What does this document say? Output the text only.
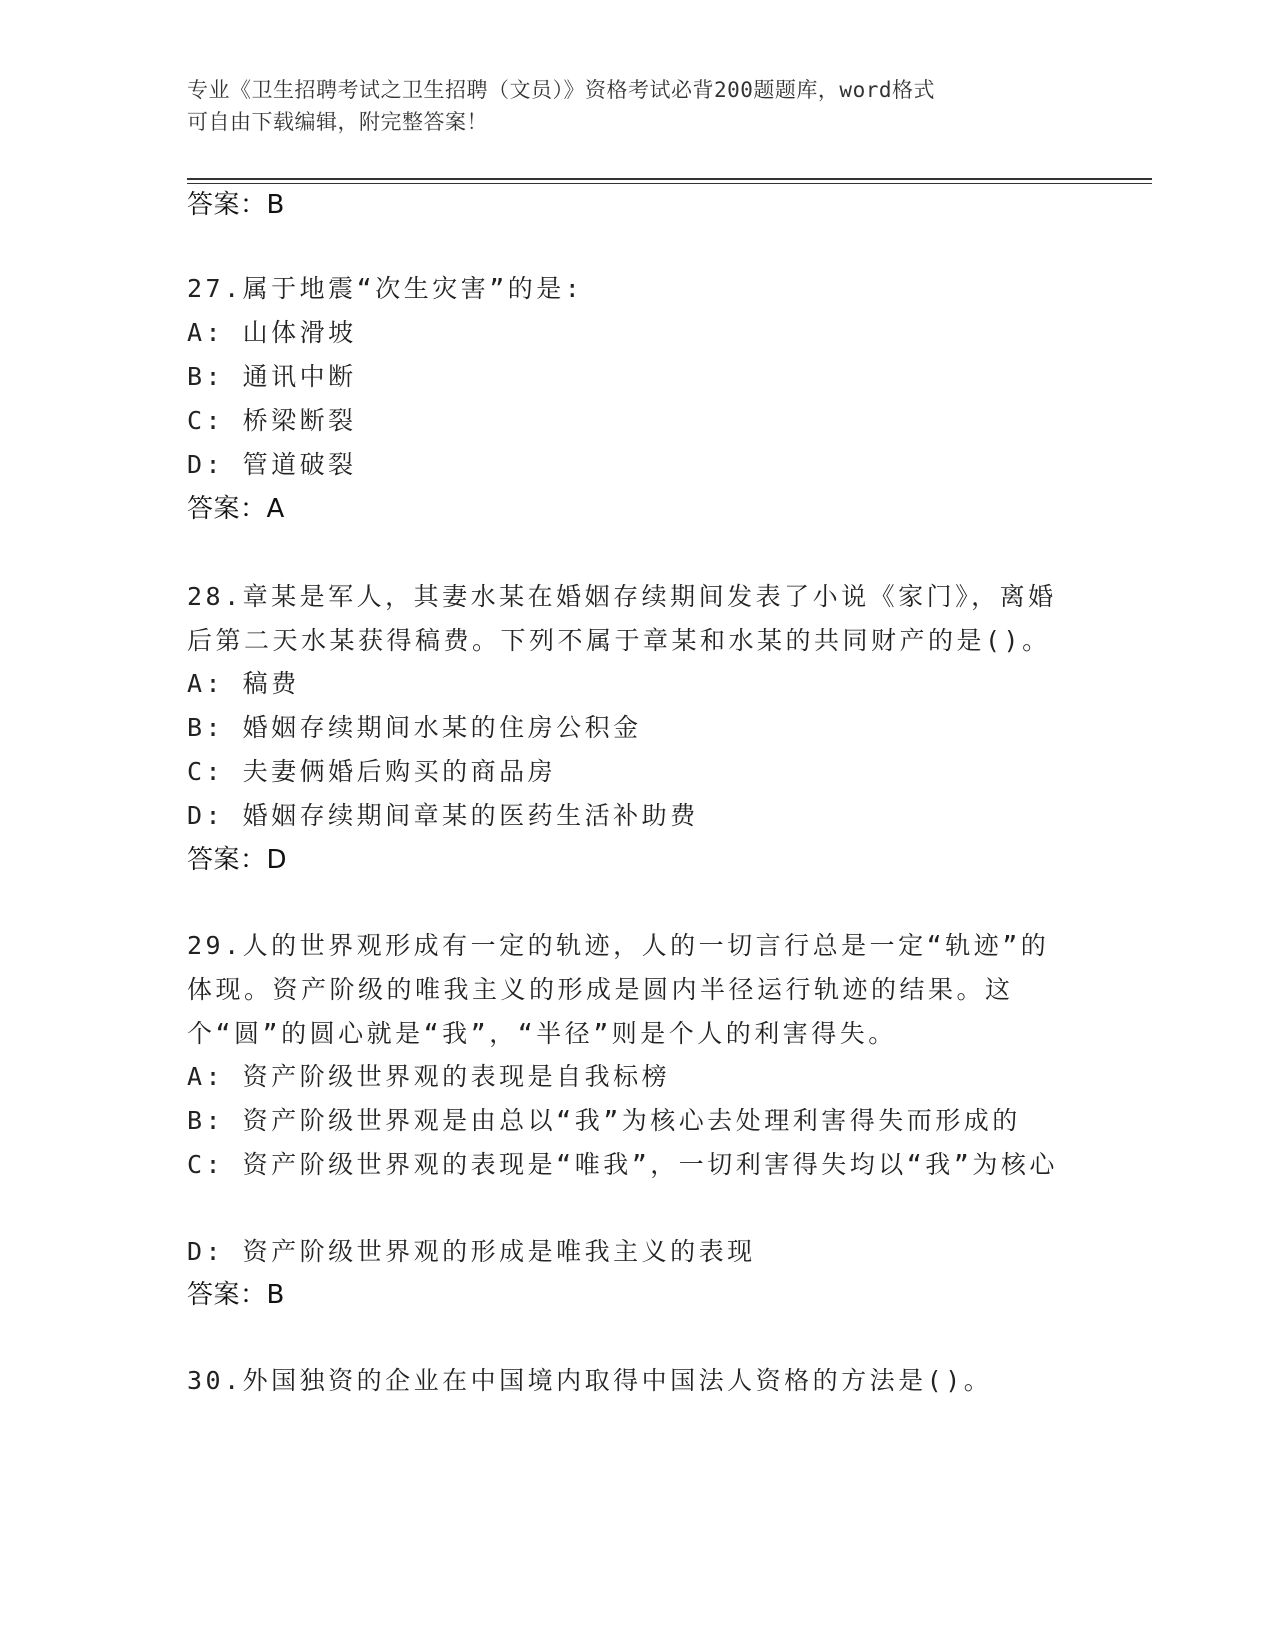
专业《卫生招聘考试之卫生招聘（文员）》资格考试必背200题题库，word格式
可自由下载编辑，附完整答案！
答案：B
27.属于地震“次生灾害”的是:
A: 山体滑坡
B: 通讯中断
C: 桥梁断裂
D: 管道破裂
答案：A
28.章某是军人，其妻水某在婚姻存续期间发表了小说《家门》，离婚后第二天水某获得稿费。下列不属于章某和水某的共同财产的是()。
A: 稿费
B: 婚姻存续期间水某的住房公积金
C: 夫妻俩婚后购买的商品房
D: 婚姻存续期间章某的医药生活补助费
答案：D
29.人的世界观形成有一定的轨迹，人的一切言行总是一定“轨迹”的体现。资产阶级的唯我主义的形成是圆内半径运行轨迹的结果。这个“圆”的圆心就是“我”，“半径”则是个人的利害得失。
A: 资产阶级世界观的表现是自我标榜
B: 资产阶级世界观是由总以“我”为核心去处理利害得失而形成的
C: 资产阶级世界观的表现是“唯我”，一切利害得失均以“我”为核心
D: 资产阶级世界观的形成是唯我主义的表现
答案：B
30.外国独资的企业在中国境内取得中国法人资格的方法是()。
